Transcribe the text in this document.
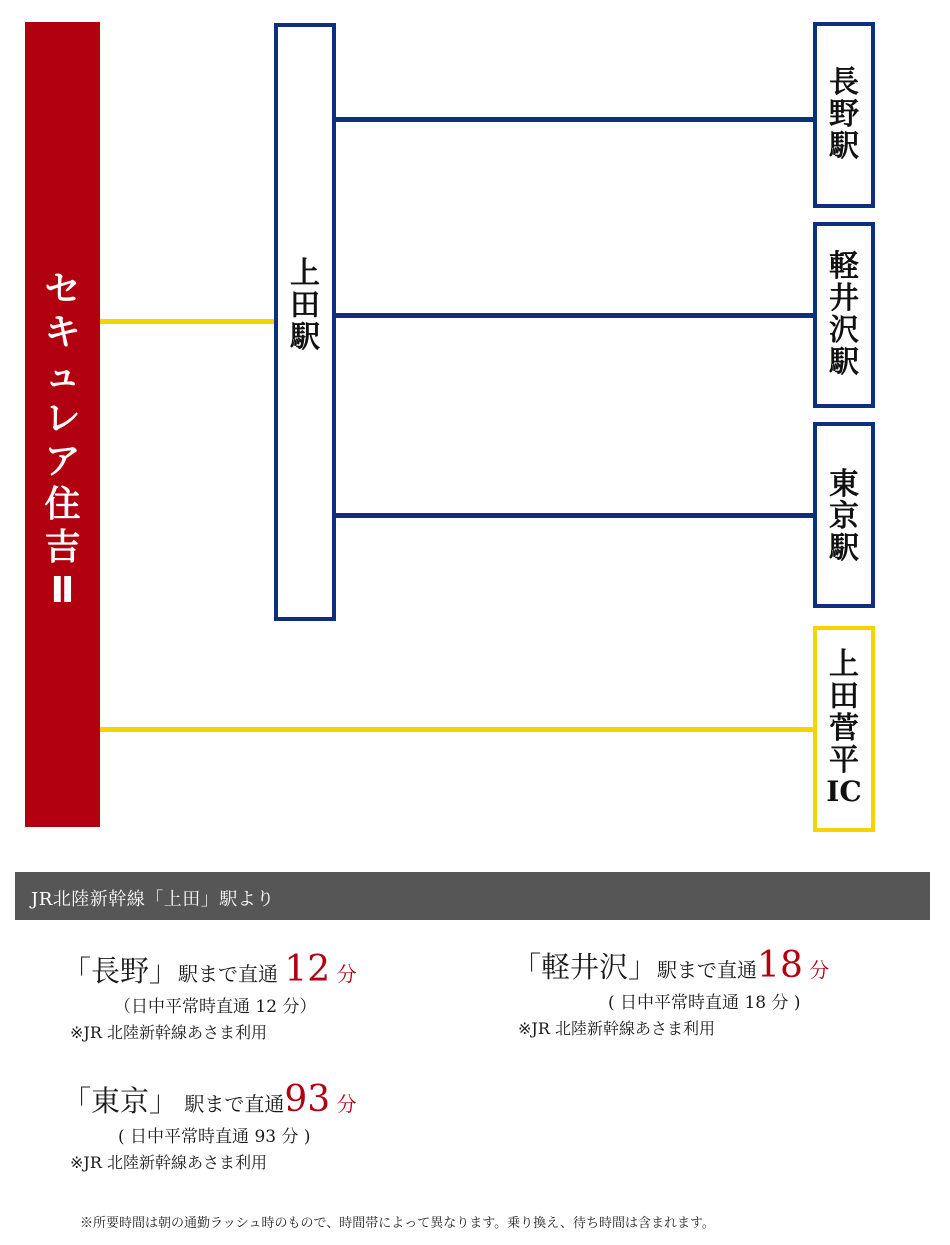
セ
キ
ュ
レ
ア
住
吉
Ⅱ
上
田
駅
長
野
駅
軽
井
沢
駅
東
京
駅
上
田
菅
平
IC
JR北陸新幹線「上田」駅より
「長野」駅まで直通 12 分
（日中平常時直通 12 分）
※JR 北陸新幹線あさま利用
「軽井沢」駅まで直通18 分
( 日中平常時直通 18 分 )
※JR 北陸新幹線あさま利用
「東京」 駅まで直通93 分
( 日中平常時直通 93 分 )
※JR 北陸新幹線あさま利用
※所要時間は朝の通勤ラッシュ時のもので、時間帯によって異なります。乗り換え、待ち時間は含まれます。
